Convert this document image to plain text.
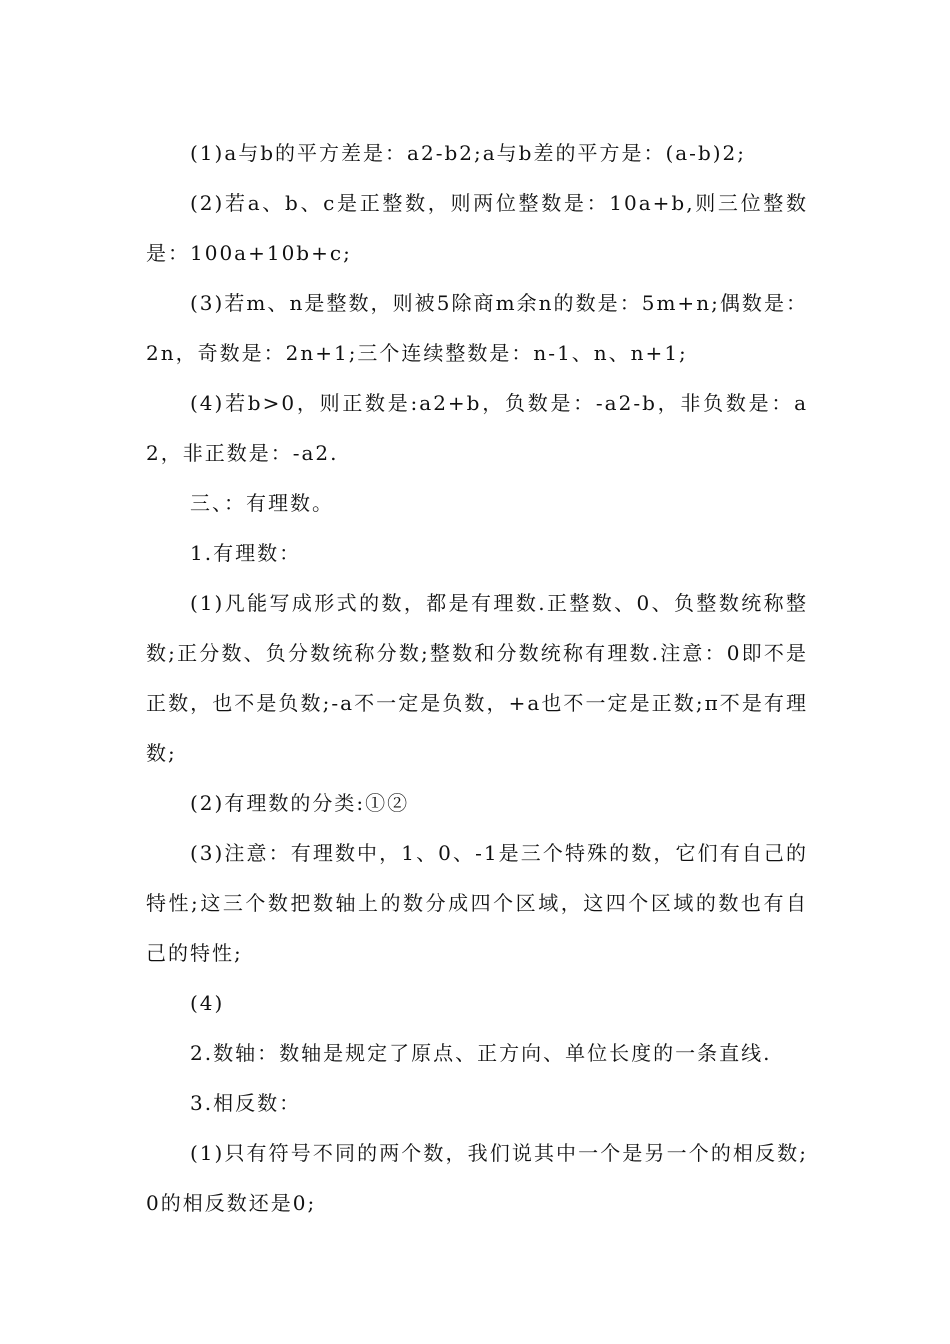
(1)a与b的平方差是：a2-b2;a与b差的平方是：(a-b)2;

(2)若a、b、c是正整数，则两位整数是：10a+b,则三位整数是：100a+10b+c;

(3)若m、n是整数，则被5除商m余n的数是：5m+n;偶数是：2n，奇数是：2n+1;三个连续整数是：n-1、n、n+1;

(4)若b>0，则正数是:a2+b，负数是：-a2-b，非负数是：a2，非正数是：-a2.

三、：有理数。

1.有理数：

(1)凡能写成形式的数，都是有理数.正整数、0、负整数统称整数;正分数、负分数统称分数;整数和分数统称有理数.注意：0即不是正数，也不是负数;-a不一定是负数，+a也不一定是正数;π不是有理数;

(2)有理数的分类:①②

(3)注意：有理数中，1、0、-1是三个特殊的数，它们有自己的特性;这三个数把数轴上的数分成四个区域，这四个区域的数也有自己的特性;

(4)

2.数轴：数轴是规定了原点、正方向、单位长度的一条直线.

3.相反数：

(1)只有符号不同的两个数，我们说其中一个是另一个的相反数;0的相反数还是0;
